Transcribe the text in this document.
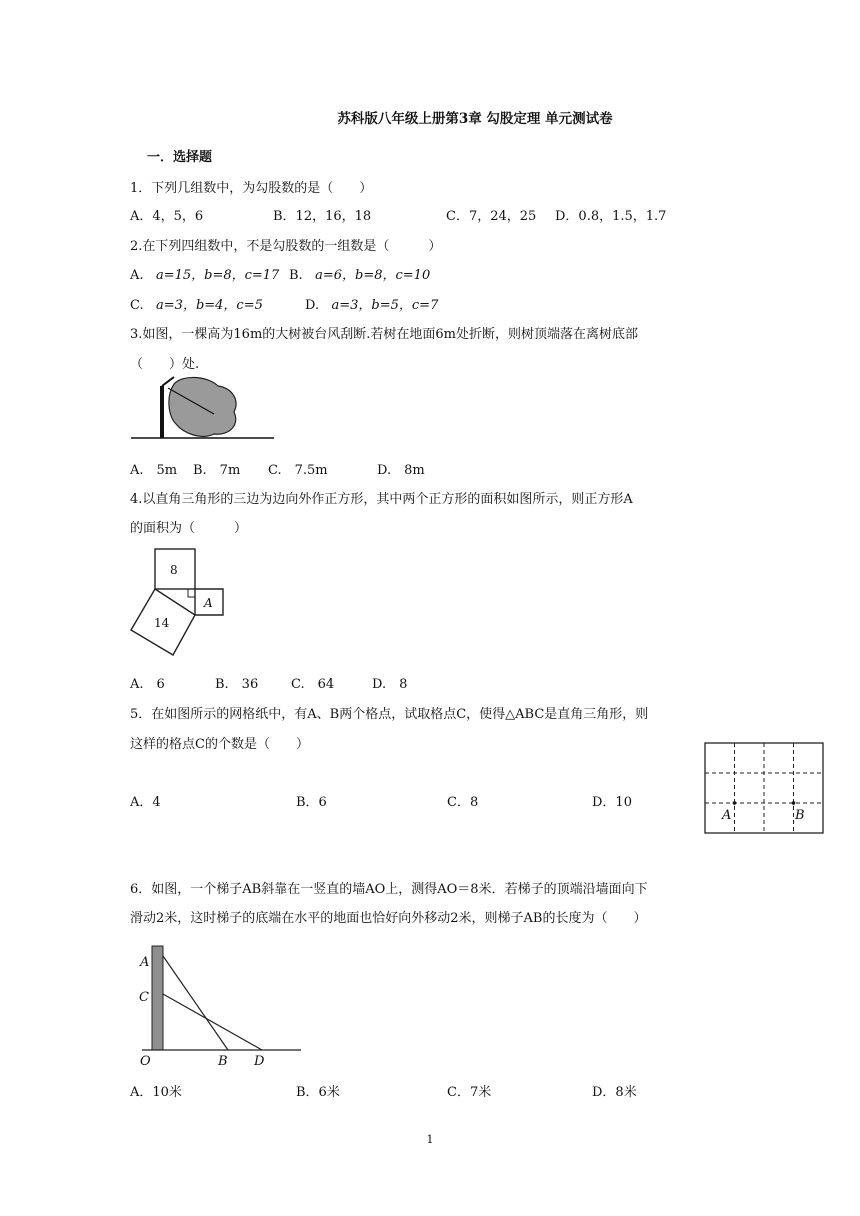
苏科版八年级上册第3章 勾股定理 单元测试卷
一．选择题
1．下列几组数中，为勾股数的是（　　）
A．4，5，6	B．12，16，18	C．7，24，25 D．0.8，1.5，1.7
2.在下列四组数中，不是勾股数的一组数是（　　　）
A. a=15，b=8，c=17 B. a=6，b=8，c=10
C. a=3，b=4，c=5	D. a=3，b=5，c=7
3.如图，一棵高为16m的大树被台风刮断.若树在地面6m处折断，则树顶端落在离树底部
（　　）处.
A.　5m B.　7m C.　7.5m	D.　8m
4.以直角三角形的三边为边向外作正方形，其中两个正方形的面积如图所示，则正方形A
的面积为（　　　）
8
14
A
A.　6	B.　36	C.　64	D.　8
5．在如图所示的网格纸中，有A、B两个格点，试取格点C，使得△ABC是直角三角形，则
这样的格点C的个数是（　　）
A．4	B．6	C．8	D．10
A	B
6．如图，一个梯子AB斜靠在一竖直的墙AO上，测得AO＝8米．若梯子的顶端沿墙面向下
滑动2米，这时梯子的底端在水平的地面也恰好向外移动2米，则梯子AB的长度为（　　）
A
C
O	B D
A．10米	B．6米	C．7米	D．8米
1
